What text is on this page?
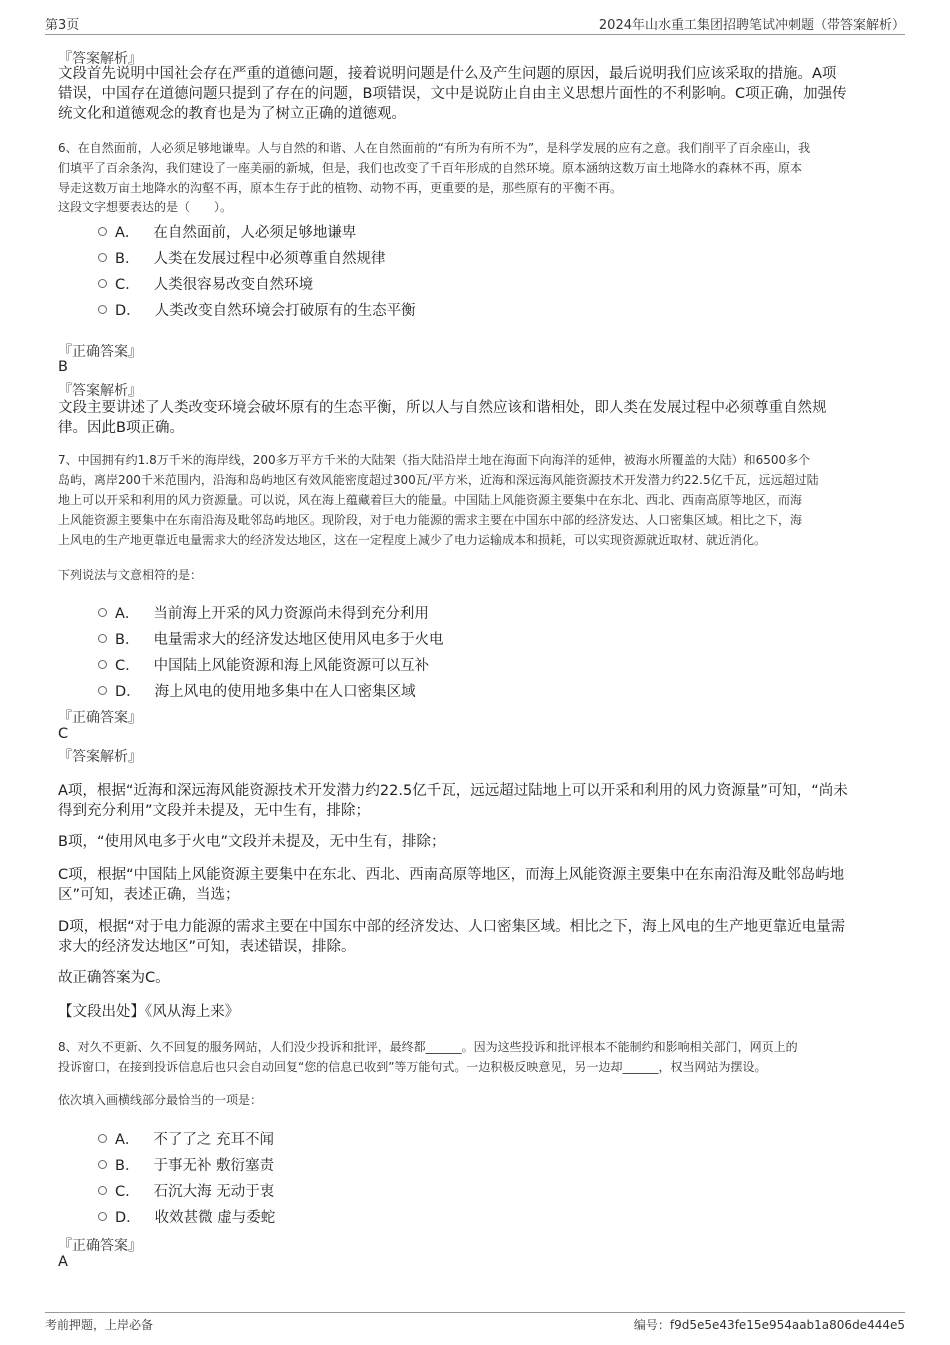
第3页	2024年山水重工集团招聘笔试冲刺题（带答案解析）
『答案解析』
文段首先说明中国社会存在严重的道德问题，接着说明问题是什么及产生问题的原因，最后说明我们应该采取的措施。A项
错误，中国存在道德问题只提到了存在的问题，B项错误，文中是说防止自由主义思想片面性的不利影响。C项正确，加强传
统文化和道德观念的教育也是为了树立正确的道德观。
6、在自然面前，人必须足够地谦卑。人与自然的和谐、人在自然面前的“有所为有所不为”，是科学发展的应有之意。我们削平了百余座山，我
们填平了百余条沟，我们建设了一座美丽的新城，但是，我们也改变了千百年形成的自然环境。原本涵纳这数万亩土地降水的森林不再，原本
导走这数万亩土地降水的沟壑不再，原本生存于此的植物、动物不再，更重要的是，那些原有的平衡不再。
这段文字想要表达的是（　　）。
A． 在自然面前，人必须足够地谦卑
B． 人类在发展过程中必须尊重自然规律
C． 人类很容易改变自然环境
D． 人类改变自然环境会打破原有的生态平衡
『正确答案』
B
『答案解析』
文段主要讲述了人类改变环境会破坏原有的生态平衡，所以人与自然应该和谐相处，即人类在发展过程中必须尊重自然规
律。因此B项正确。
7、中国拥有约1.8万千米的海岸线，200多万平方千米的大陆架（指大陆沿岸土地在海面下向海洋的延伸，被海水所覆盖的大陆）和6500多个
岛屿，离岸200千米范围内，沿海和岛屿地区有效风能密度超过300瓦/平方米，近海和深远海风能资源技术开发潜力约22.5亿千瓦，远远超过陆
地上可以开采和利用的风力资源量。可以说，风在海上蕴藏着巨大的能量。中国陆上风能资源主要集中在东北、西北、西南高原等地区，而海
上风能资源主要集中在东南沿海及毗邻岛屿地区。现阶段，对于电力能源的需求主要在中国东中部的经济发达、人口密集区域。相比之下，海
上风电的生产地更靠近电量需求大的经济发达地区，这在一定程度上减少了电力运输成本和损耗，可以实现资源就近取材、就近消化。
下列说法与文意相符的是：
A． 当前海上开采的风力资源尚未得到充分利用
B． 电量需求大的经济发达地区使用风电多于火电
C． 中国陆上风能资源和海上风能资源可以互补
D． 海上风电的使用地多集中在人口密集区域
『正确答案』
C
『答案解析』
A项，根据“近海和深远海风能资源技术开发潜力约22.5亿千瓦，远远超过陆地上可以开采和利用的风力资源量”可知，“尚未
得到充分利用”文段并未提及，无中生有，排除；
B项，“使用风电多于火电”文段并未提及，无中生有，排除；
C项，根据“中国陆上风能资源主要集中在东北、西北、西南高原等地区，而海上风能资源主要集中在东南沿海及毗邻岛屿地
区”可知，表述正确，当选；
D项，根据“对于电力能源的需求主要在中国东中部的经济发达、人口密集区域。相比之下，海上风电的生产地更靠近电量需
求大的经济发达地区”可知，表述错误，排除。
故正确答案为C。
【文段出处】《风从海上来》
8、对久不更新、久不回复的服务网站，人们没少投诉和批评，最终都______。因为这些投诉和批评根本不能制约和影响相关部门，网页上的
投诉窗口，在接到投诉信息后也只会自动回复“您的信息已收到”等万能句式。一边积极反映意见，另一边却______，权当网站为摆设。
依次填入画横线部分最恰当的一项是：
A． 不了了之 充耳不闻
B． 于事无补 敷衍塞责
C． 石沉大海 无动于衷
D． 收效甚微 虚与委蛇
『正确答案』
A
考前押题，上岸必备	编号：f9d5e5e43fe15e954aab1a806de444e5
